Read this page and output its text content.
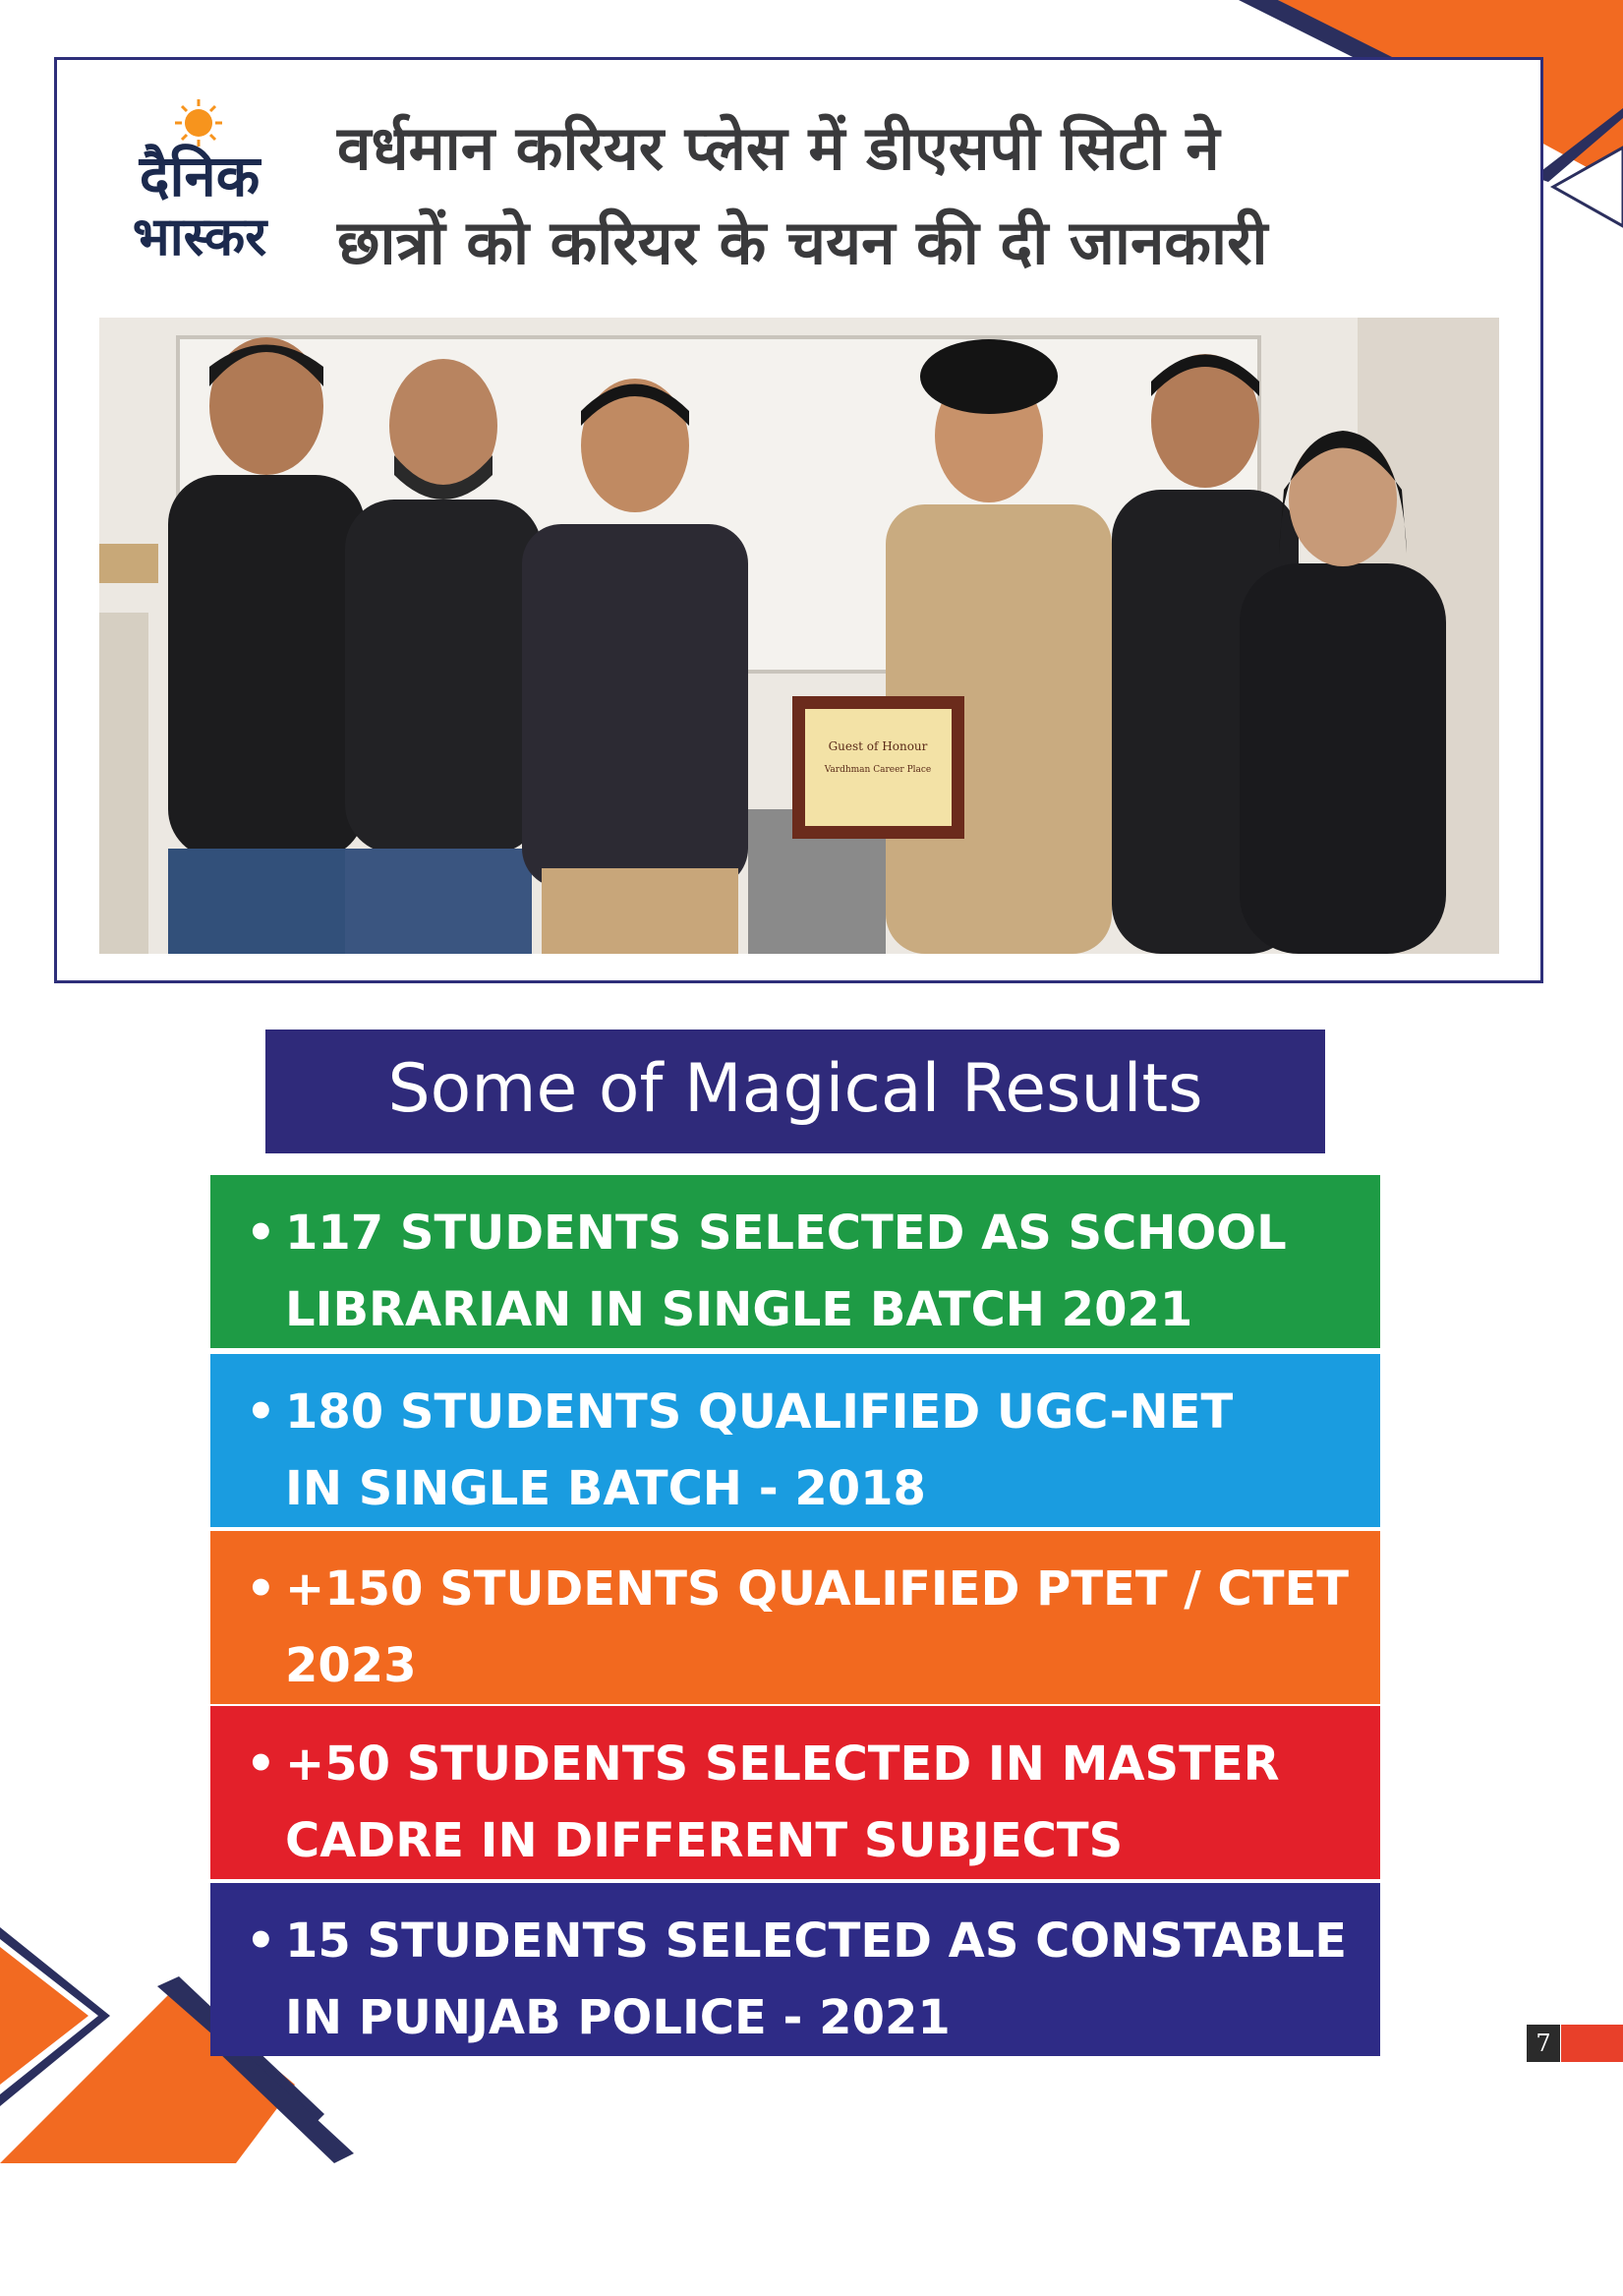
दैनिक
भास्कर
वर्धमान करियर प्लेस में डीएसपी सिटी ने
छात्रों को करियर के चयन की दी जानकारी
Guest of Honour
Vardhman Career Place
Some of Magical Results
• 117 STUDENTS SELECTED AS SCHOOL
LIBRARIAN IN SINGLE BATCH 2021
• 180 STUDENTS QUALIFIED UGC-NET
IN SINGLE BATCH - 2018
• +150 STUDENTS QUALIFIED PTET / CTET
2023
• +50 STUDENTS SELECTED IN MASTER
CADRE IN DIFFERENT SUBJECTS
• 15 STUDENTS SELECTED AS CONSTABLE
IN PUNJAB POLICE - 2021	7
